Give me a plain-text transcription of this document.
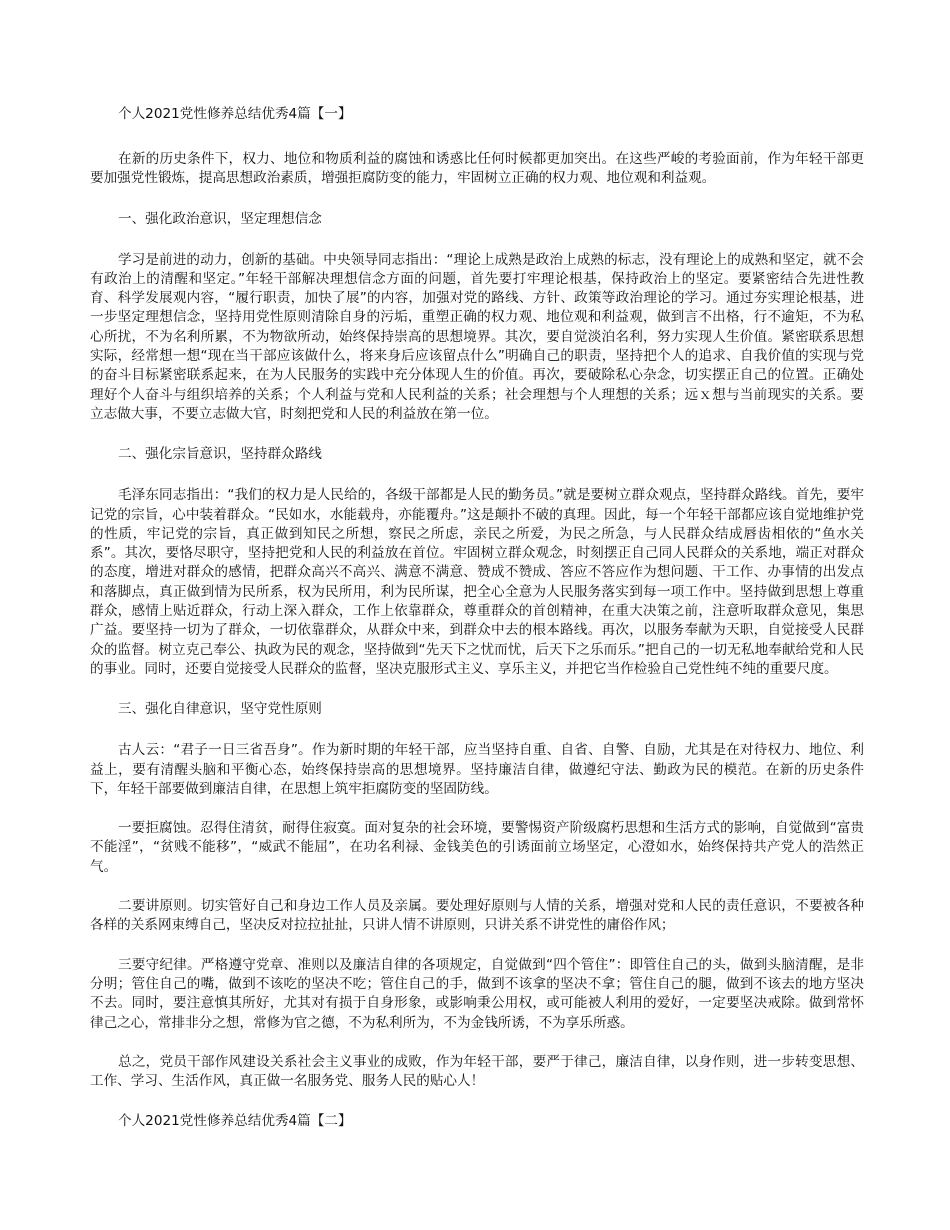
个人2021党性修养总结优秀4篇【一】

在新的历史条件下，权力、地位和物质利益的腐蚀和诱惑比任何时候都更加突出。在这些严峻的考验面前，作为年轻干部更要加强党性锻炼，提高思想政治素质，增强拒腐防变的能力，牢固树立正确的权力观、地位观和利益观。

一、强化政治意识，坚定理想信念

学习是前进的动力，创新的基础。中央领导同志指出：“理论上成熟是政治上成熟的标志，没有理论上的成熟和坚定，就不会有政治上的清醒和坚定。”年轻干部解决理想信念方面的问题，首先要打牢理论根基，保持政治上的坚定。要紧密结合先进性教育、科学发展观内容，“履行职责，加快了展”的内容，加强对党的路线、方针、政策等政治理论的学习。通过夯实理论根基，进一步坚定理想信念，坚持用党性原则清除自身的污垢，重塑正确的权力观、地位观和利益观，做到言不出格，行不逾矩，不为私心所扰，不为名利所累，不为物欲所动，始终保持崇高的思想境界。其次，要自觉淡泊名利，努力实现人生价值。紧密联系思想实际，经常想一想“现在当干部应该做什么，将来身后应该留点什么”明确自己的职责，坚持把个人的追求、自我价值的实现与党的奋斗目标紧密联系起来，在为人民服务的实践中充分体现人生的价值。再次，要破除私心杂念，切实摆正自己的位置。正确处理好个人奋斗与组织培养的关系；个人利益与党和人民利益的关系；社会理想与个人理想的关系；远ｘ想与当前现实的关系。要立志做大事，不要立志做大官，时刻把党和人民的利益放在第一位。

二、强化宗旨意识，坚持群众路线

毛泽东同志指出：“我们的权力是人民给的，各级干部都是人民的勤务员。”就是要树立群众观点，坚持群众路线。首先，要牢记党的宗旨，心中装着群众。“民如水，水能载舟，亦能覆舟。”这是颠扑不破的真理。因此，每一个年轻干部都应该自觉地维护党的性质，牢记党的宗旨，真正做到知民之所想，察民之所虑，亲民之所爱，为民之所急，与人民群众结成唇齿相依的“鱼水关系”。其次，要恪尽职守，坚持把党和人民的利益放在首位。牢固树立群众观念，时刻摆正自己同人民群众的关系地，端正对群众的态度，增进对群众的感情，把群众高兴不高兴、满意不满意、赞成不赞成、答应不答应作为想问题、干工作、办事情的出发点和落脚点，真正做到情为民所系，权为民所用，利为民所谋，把全心全意为人民服务落实到每一项工作中。坚持做到思想上尊重群众，感情上贴近群众，行动上深入群众，工作上依靠群众，尊重群众的首创精神，在重大决策之前，注意听取群众意见，集思广益。要坚持一切为了群众，一切依靠群众，从群众中来，到群众中去的根本路线。再次，以服务奉献为天职，自觉接受人民群众的监督。树立克己奉公、执政为民的观念，坚持做到“先天下之忧而忧，后天下之乐而乐。”把自己的一切无私地奉献给党和人民的事业。同时，还要自觉接受人民群众的监督，坚决克服形式主义、享乐主义，并把它当作检验自己党性纯不纯的重要尺度。

三、强化自律意识，坚守党性原则

古人云：“君子一日三省吾身”。作为新时期的年轻干部，应当坚持自重、自省、自警、自励，尤其是在对待权力、地位、利益上，要有清醒头脑和平衡心态，始终保持崇高的思想境界。坚持廉洁自律，做遵纪守法、勤政为民的模范。在新的历史条件下，年轻干部要做到廉洁自律，在思想上筑牢拒腐防变的坚固防线。

一要拒腐蚀。忍得住清贫，耐得住寂寞。面对复杂的社会环境，要警惕资产阶级腐朽思想和生活方式的影响，自觉做到“富贵不能淫”，“贫贱不能移”，“威武不能屈”，在功名利禄、金钱美色的引诱面前立场坚定，心澄如水，始终保持共产党人的浩然正气。

二要讲原则。切实管好自己和身边工作人员及亲属。要处理好原则与人情的关系，增强对党和人民的责任意识，不要被各种各样的关系网束缚自己，坚决反对拉拉扯扯，只讲人情不讲原则，只讲关系不讲党性的庸俗作风；

三要守纪律。严格遵守党章、准则以及廉洁自律的各项规定，自觉做到“四个管住”：即管住自己的头，做到头脑清醒，是非分明；管住自己的嘴，做到不该吃的坚决不吃；管住自己的手，做到不该拿的坚决不拿；管住自己的腿，做到不该去的地方坚决不去。同时，要注意慎其所好，尤其对有损于自身形象，或影响秉公用权，或可能被人利用的爱好，一定要坚决戒除。做到常怀律己之心，常排非分之想，常修为官之德，不为私利所为，不为金钱所诱，不为享乐所惑。

总之，党员干部作风建设关系社会主义事业的成败，作为年轻干部，要严于律己，廉洁自律，以身作则，进一步转变思想、工作、学习、生活作风，真正做一名服务党、服务人民的贴心人！

个人2021党性修养总结优秀4篇【二】
